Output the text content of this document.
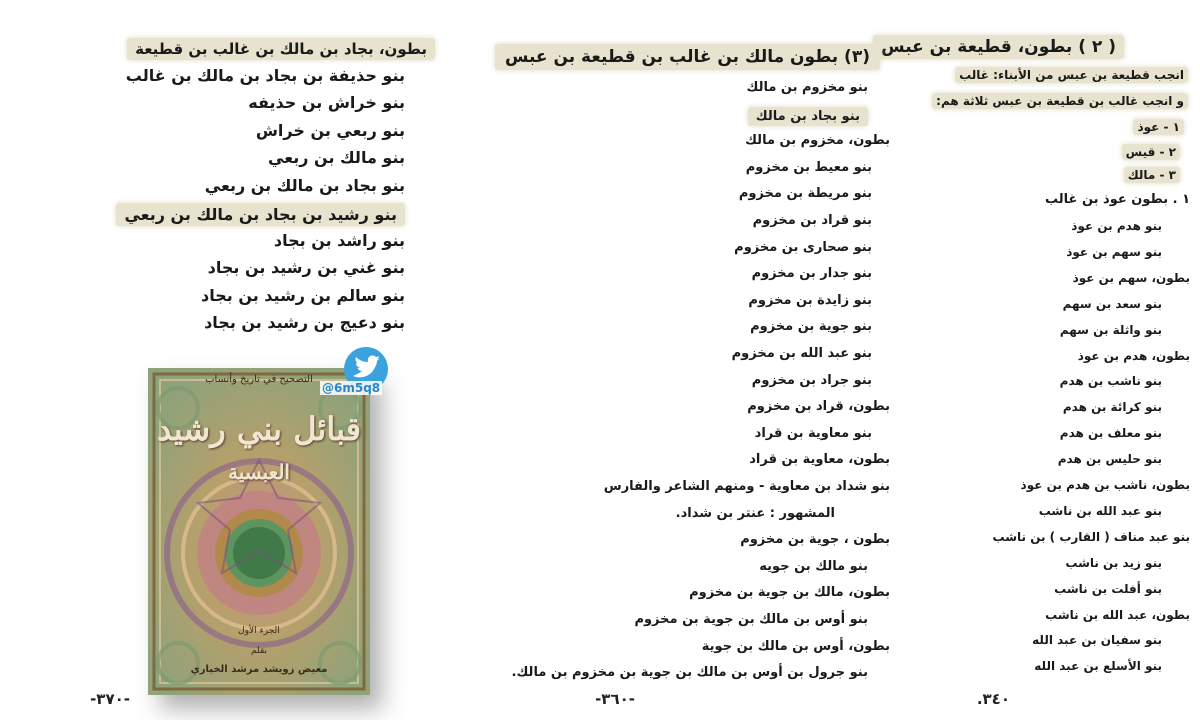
( ٢ ) بطون، قطيعة بن عبس
انجب قطيعة بن عبس من الأبناء: غالب
و انجب غالب بن قطيعة بن عبس ثلاثة هم:
١ - عوذ
٢ - قيس
٣ - مالك
١ . بطون عوذ بن غالب
بنو هدم بن عوذ
بنو سهم بن عوذ
بطون، سهم بن عوذ
بنو سعد بن سهم
بنو واثلة بن سهم
بطون، هدم بن عوذ
بنو ناشب بن هدم
بنو كرائة بن هدم
بنو معلف بن هدم
بنو حليس بن هدم
بطون، ناشب بن هدم بن عوذ
بنو عبد الله بن ناشب
بنو عبد مناف ( القارب ) بن ناشب
بنو زيد بن ناشب
بنو أفلت بن ناشب
بطون، عبد الله بن ناشب
بنو سفيان بن عبد الله
بنو الأسلع بن عبد الله
٣٤٠.
(٣) بطون مالك بن غالب بن قطيعة بن عبس
بنو مخزوم بن مالك
بنو بجاد بن مالك
بطون، مخزوم بن مالك
بنو معيط بن مخزوم
بنو مريطة بن مخزوم
بنو قراد بن مخزوم
بنو صحارى بن مخزوم
بنو جدار بن مخزوم
بنو زايدة بن مخزوم
بنو جوية بن مخزوم
بنو عبد الله بن مخزوم
بنو جراد بن مخزوم
بطون، قراد بن مخزوم
بنو معاوية بن قراد
بطون، معاوية بن قراد
بنو شداد بن معاوية - ومنهم الشاعر والفارس
المشهور : عنتر بن شداد.
بطون ، جوية بن مخزوم
بنو مالك بن جويه
بطون، مالك بن جوية بن مخزوم
بنو أوس بن مالك بن جوية بن مخزوم
بطون، أوس بن مالك بن جوية
بنو جرول بن أوس بن مالك بن جوية بن مخزوم بن مالك.
-٣٦٠-
بطون، بجاد بن مالك بن غالب بن قطيعة
بنو حذيفة بن بجاد بن مالك بن غالب
بنو خراش بن حذيفه
بنو ربعي بن خراش
بنو مالك بن ربعي
بنو بجاد بن مالك بن ربعي
بنو رشيد بن بجاد بن مالك بن ربعي
بنو راشد بن بجاد
بنو غني بن رشيد بن بجاد
بنو سالم بن رشيد بن بجاد
بنو دعيج بن رشيد بن بجاد
-٣٧٠-
التصحيح في تاريخ وأنساب
قبائل بني رشيد
العبسية
الجزء الأول
بقلم
معيض زويشد مرشد الخياري
@6m5q8
